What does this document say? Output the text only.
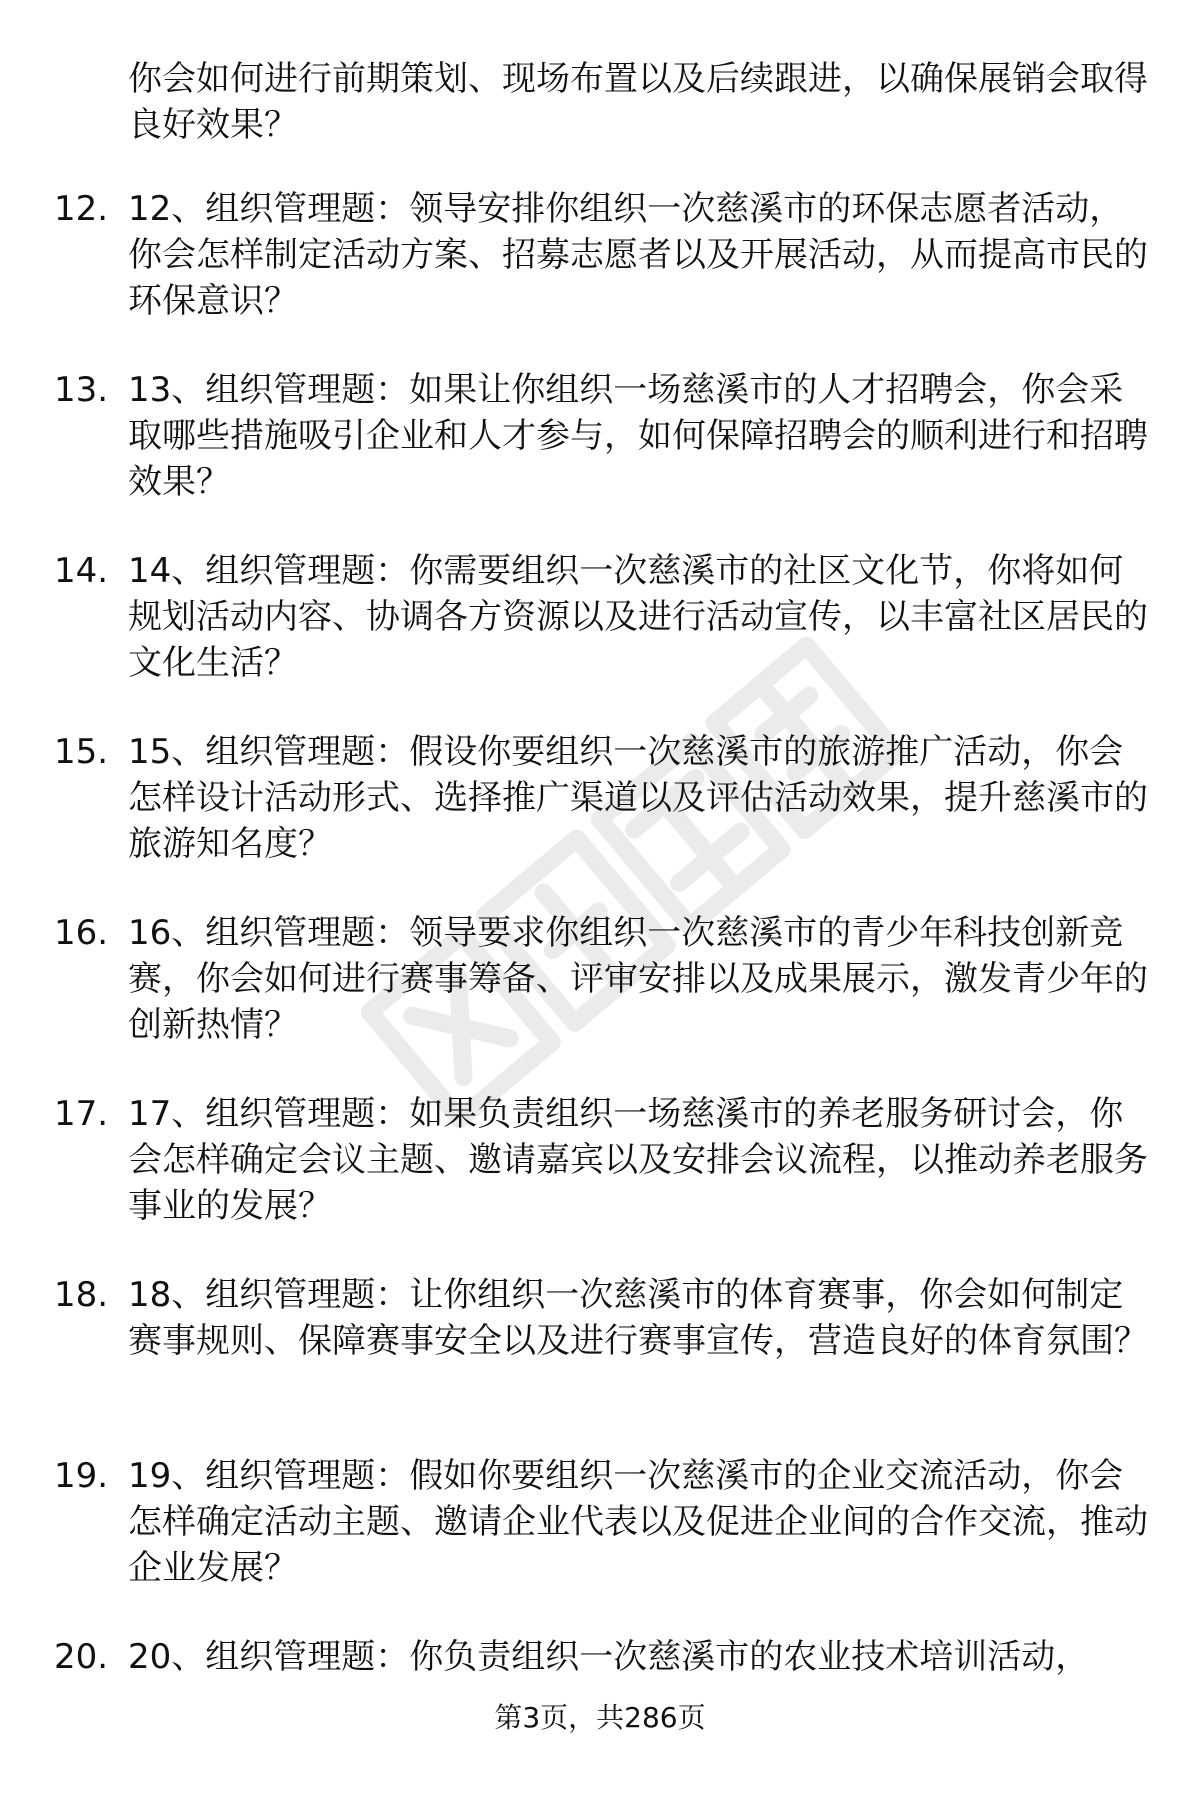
你会如何进行前期策划、现场布置以及后续跟进，以确保展销会取得良好效果？
12. 12、组织管理题：领导安排你组织一次慈溪市的环保志愿者活动，你会怎样制定活动方案、招募志愿者以及开展活动，从而提高市民的环保意识？
13. 13、组织管理题：如果让你组织一场慈溪市的人才招聘会，你会采取哪些措施吸引企业和人才参与，如何保障招聘会的顺利进行和招聘效果？
14. 14、组织管理题：你需要组织一次慈溪市的社区文化节，你将如何规划活动内容、协调各方资源以及进行活动宣传，以丰富社区居民的文化生活？
15. 15、组织管理题：假设你要组织一次慈溪市的旅游推广活动，你会怎样设计活动形式、选择推广渠道以及评估活动效果，提升慈溪市的旅游知名度？
16. 16、组织管理题：领导要求你组织一次慈溪市的青少年科技创新竞赛，你会如何进行赛事筹备、评审安排以及成果展示，激发青少年的创新热情？
17. 17、组织管理题：如果负责组织一场慈溪市的养老服务研讨会，你会怎样确定会议主题、邀请嘉宾以及安排会议流程，以推动养老服务事业的发展？
18. 18、组织管理题：让你组织一次慈溪市的体育赛事，你会如何制定赛事规则、保障赛事安全以及进行赛事宣传，营造良好的体育氛围？
19. 19、组织管理题：假如你要组织一次慈溪市的企业交流活动，你会怎样确定活动主题、邀请企业代表以及促进企业间的合作交流，推动企业发展？
20. 20、组织管理题：你负责组织一次慈溪市的农业技术培训活动，
第3页，共286页
